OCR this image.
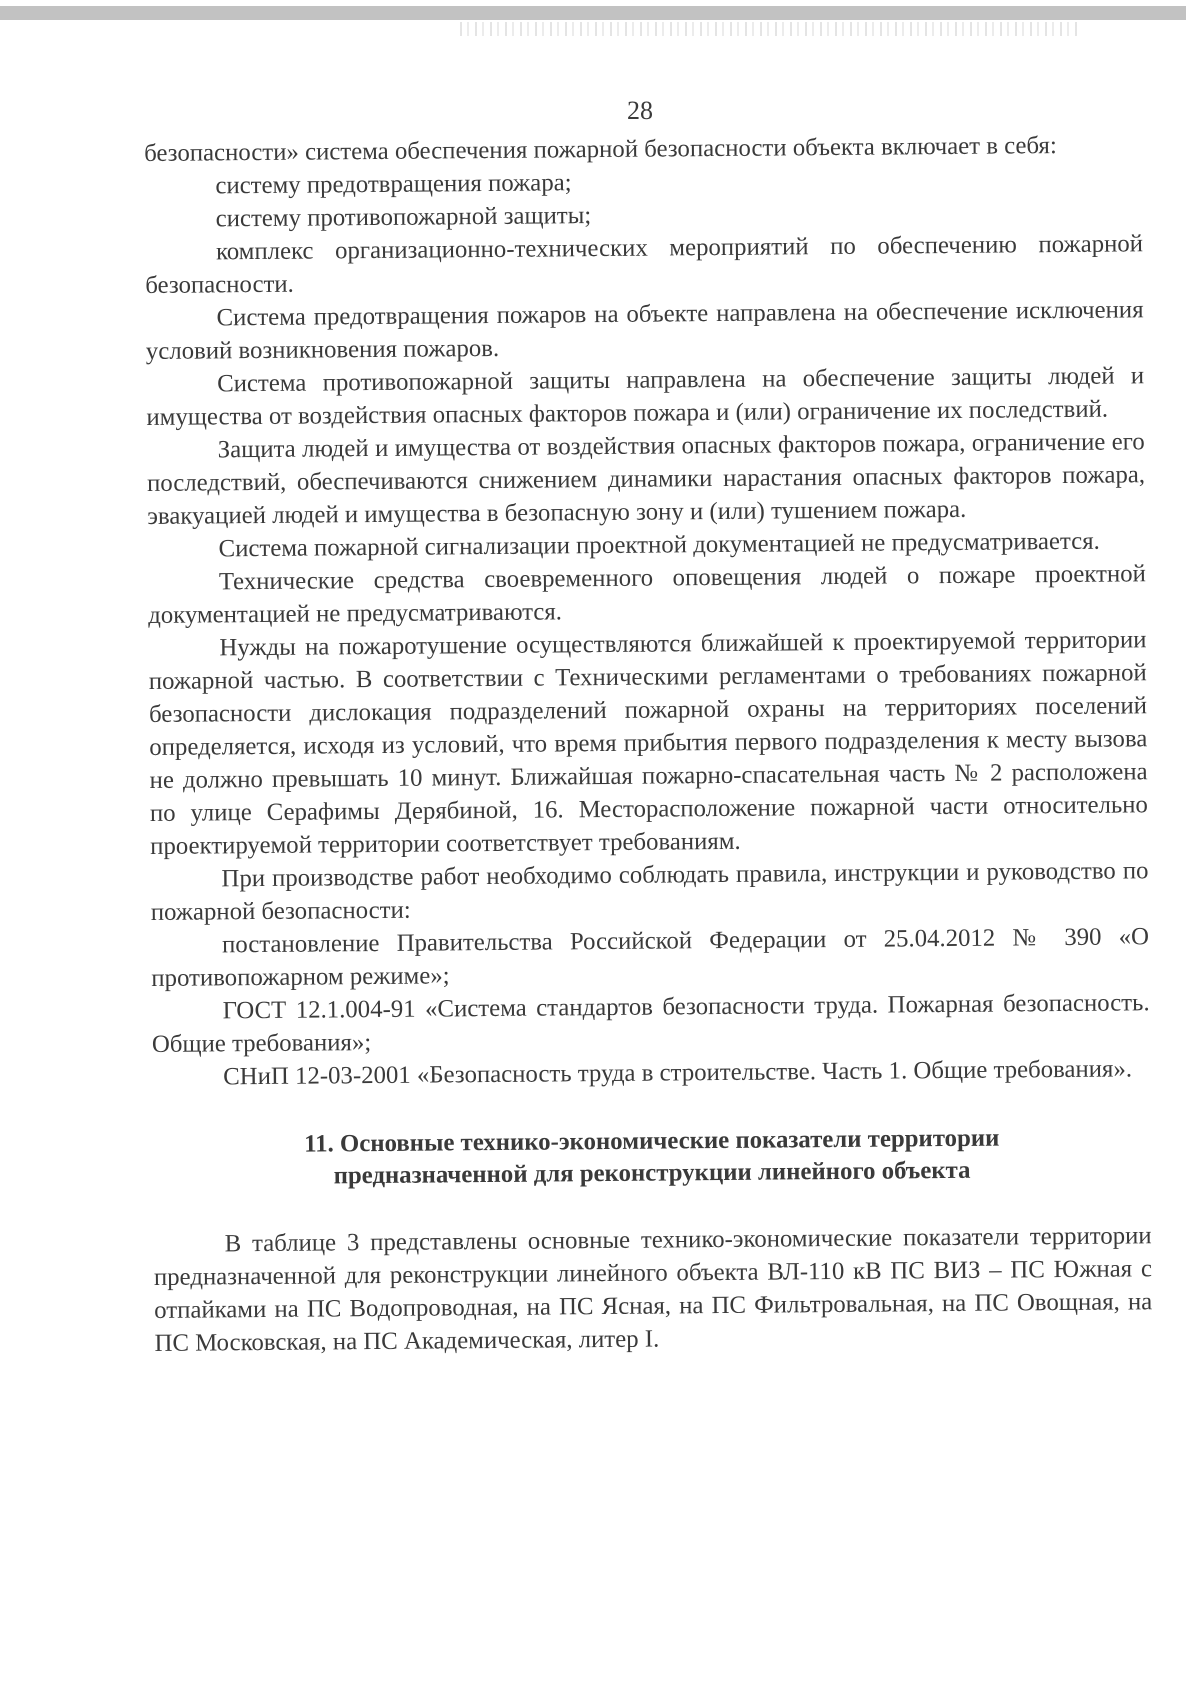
28

безопасности» система обеспечения пожарной безопасности объекта включает в себя:

систему предотвращения пожара;

систему противопожарной защиты;

комплекс организационно-технических мероприятий по обеспечению пожарной безопасности.

Система предотвращения пожаров на объекте направлена на обеспечение исключения условий возникновения пожаров.

Система противопожарной защиты направлена на обеспечение защиты людей и имущества от воздействия опасных факторов пожара и (или) ограничение их последствий.

Защита людей и имущества от воздействия опасных факторов пожара, ограничение его последствий, обеспечиваются снижением динамики нарастания опасных факторов пожара, эвакуацией людей и имущества в безопасную зону и (или) тушением пожара.

Система пожарной сигнализации проектной документацией не предусматривается.

Технические средства своевременного оповещения людей о пожаре проектной документацией не предусматриваются.

Нужды на пожаротушение осуществляются ближайшей к проектируемой территории пожарной частью. В соответствии с Техническими регламентами о требованиях пожарной безопасности дислокация подразделений пожарной охраны на территориях поселений определяется, исходя из условий, что время прибытия первого подразделения к месту вызова не должно превышать 10 минут. Ближайшая пожарно-спасательная часть № 2 расположена по улице Серафимы Дерябиной, 16. Месторасположение пожарной части относительно проектируемой территории соответствует требованиям.

При производстве работ необходимо соблюдать правила, инструкции и руководство по пожарной безопасности:

постановление Правительства Российской Федерации от 25.04.2012 № 390 «О противопожарном режиме»;

ГОСТ 12.1.004-91 «Система стандартов безопасности труда. Пожарная безопасность. Общие требования»;

СНиП 12-03-2001 «Безопасность труда в строительстве. Часть 1. Общие требования».

11. Основные технико-экономические показатели территории
предназначенной для реконструкции линейного объекта

В таблице 3 представлены основные технико-экономические показатели территории предназначенной для реконструкции линейного объекта ВЛ-110 кВ ПС ВИЗ – ПС Южная с отпайками на ПС Водопроводная, на ПС Ясная, на ПС Фильтровальная, на ПС Овощная, на ПС Московская, на ПС Академическая, литер I.
